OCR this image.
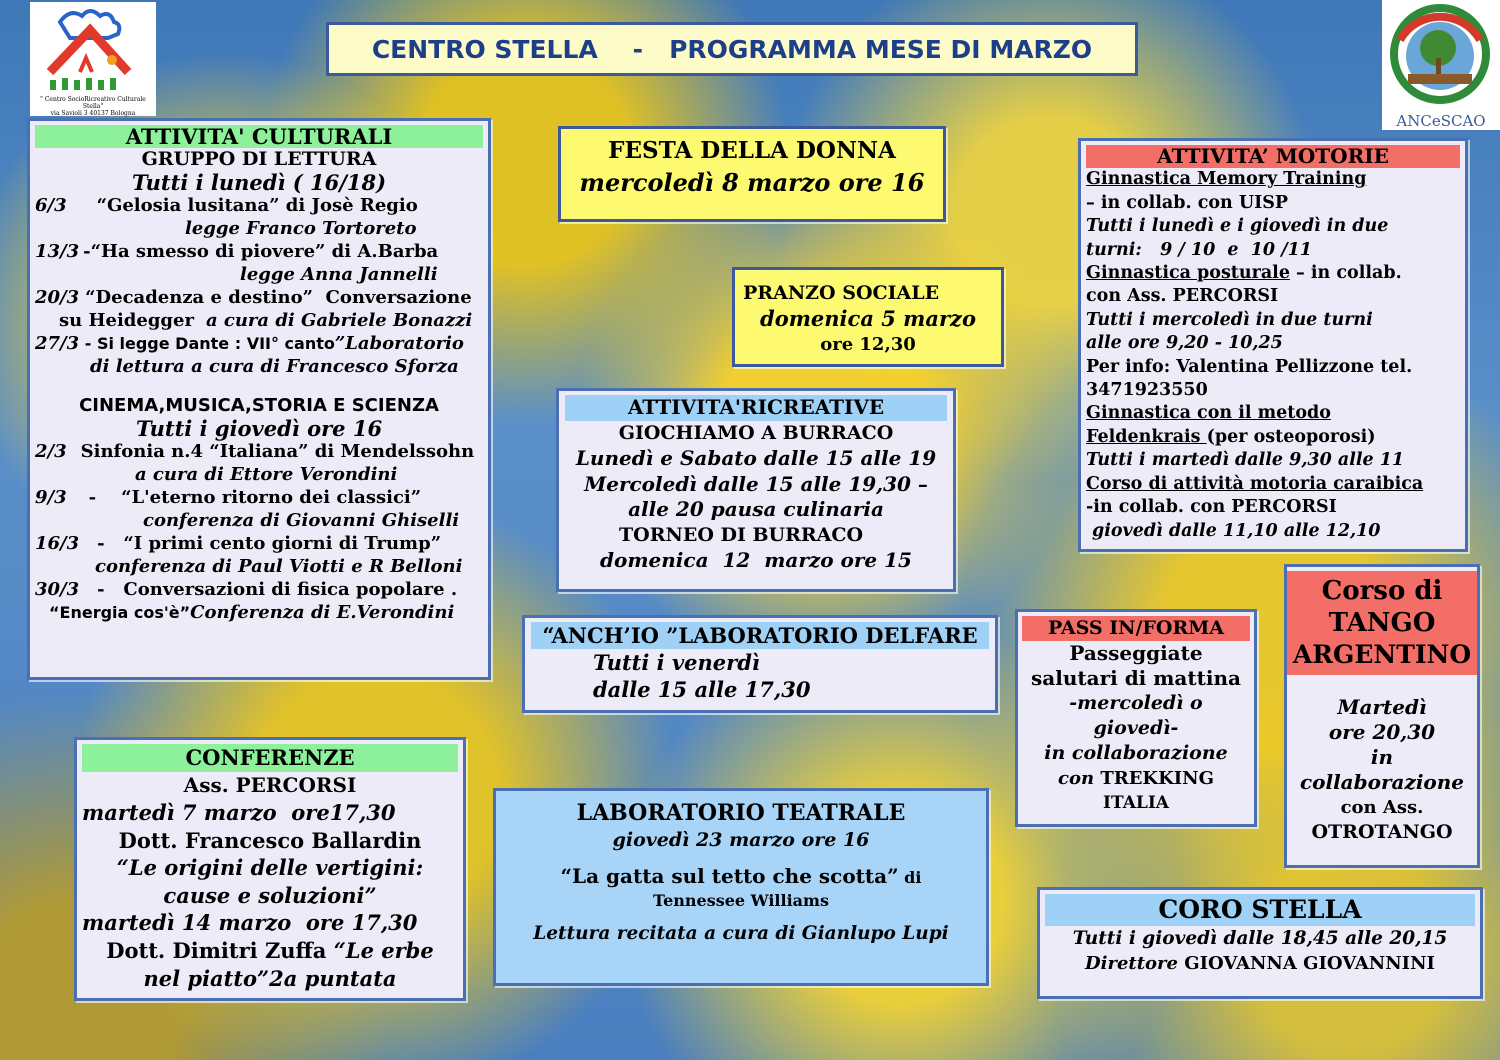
" Centro SocioRicreativo Culturale Stella"
via Savioli 3 40137 Bologna	ANCeSCAO
CENTRO STELLA    -   PROGRAMMA MESE DI MARZO
ATTIVITA' CULTURALI
GRUPPO DI LETTURA
Tutti i lunedì ( 16/18)
6/3 “Gelosia lusitana” di Josè Regio
legge Franco Tortoreto
13/3 -“Ha smesso di piovere” di A.Barba
legge Anna Jannelli
20/3 “Decadenza e destino”  Conversazione
su Heidegger a cura di Gabriele Bonazzi
27/3 - Si legge Dante : VII° canto”Laboratorio
di lettura a cura di Francesco Sforza
CINEMA,MUSICA,STORIA E SCIENZA
Tutti i giovedì ore 16
2/3 Sinfonia n.4 “Italiana” di Mendelssohn
a cura di Ettore Verondini
9/3 -    “L'eterno ritorno dei classici”
conferenza di Giovanni Ghiselli
16/3 -   “I primi cento giorni di Trump”
conferenza di Paul Viotti e R Belloni
30/3 -   Conversazioni di fisica popolare .
“Energia cos'è”Conferenza di E.Verondini
FESTA DELLA DONNA
mercoledì 8 marzo ore 16
PRANZO SOCIALE
domenica 5 marzo
ore 12,30
ATTIVITA'RICREATIVE
GIOCHIAMO A BURRACO
Lunedì e Sabato dalle 15 alle 19
Mercoledì dalle 15 alle 19,30 –
alle 20 pausa culinaria
TORNEO DI BURRACO
domenica  12  marzo ore 15
“ANCH’IO ”LABORATORIO DELFARE
Tutti i venerdì
dalle 15 alle 17,30
ATTIVITA’ MOTORIE
Ginnastica Memory Training
– in collab. con UISP
Tutti i lunedì e i giovedì in due
turni:   9 / 10  e  10 /11
Ginnastica posturale – in collab.
con Ass. PERCORSI
Tutti i mercoledì in due turni
alle ore 9,20 - 10,25
Per info: Valentina Pellizzone tel.
3471923550
Ginnastica con il metodo
Feldenkrais (per osteoporosi)
Tutti i martedì dalle 9,30 alle 11
Corso di attività motoria caraibica
-in collab. con PERCORSI
giovedì dalle 11,10 alle 12,10
PASS IN/FORMA
Passeggiate
salutari di mattina
-mercoledì o
giovedì-
in collaborazione
con TREKKING
ITALIA
Corso di
TANGO
ARGENTINO
Martedì
ore 20,30
in
collaborazione
con Ass.
OTROTANGO
CONFERENZE
Ass. PERCORSI
martedì 7 marzo  ore17,30
Dott. Francesco Ballardin
“Le origini delle vertigini:
cause e soluzioni”
martedì 14 marzo  ore 17,30
Dott. Dimitri Zuffa “Le erbe
nel piatto”2a puntata
LABORATORIO TEATRALE
giovedì 23 marzo ore 16
“La gatta sul tetto che scotta” di
Tennessee Williams
Lettura recitata a cura di Gianlupo Lupi
CORO STELLA
Tutti i giovedì dalle 18,45 alle 20,15
Direttore GIOVANNA GIOVANNINI
